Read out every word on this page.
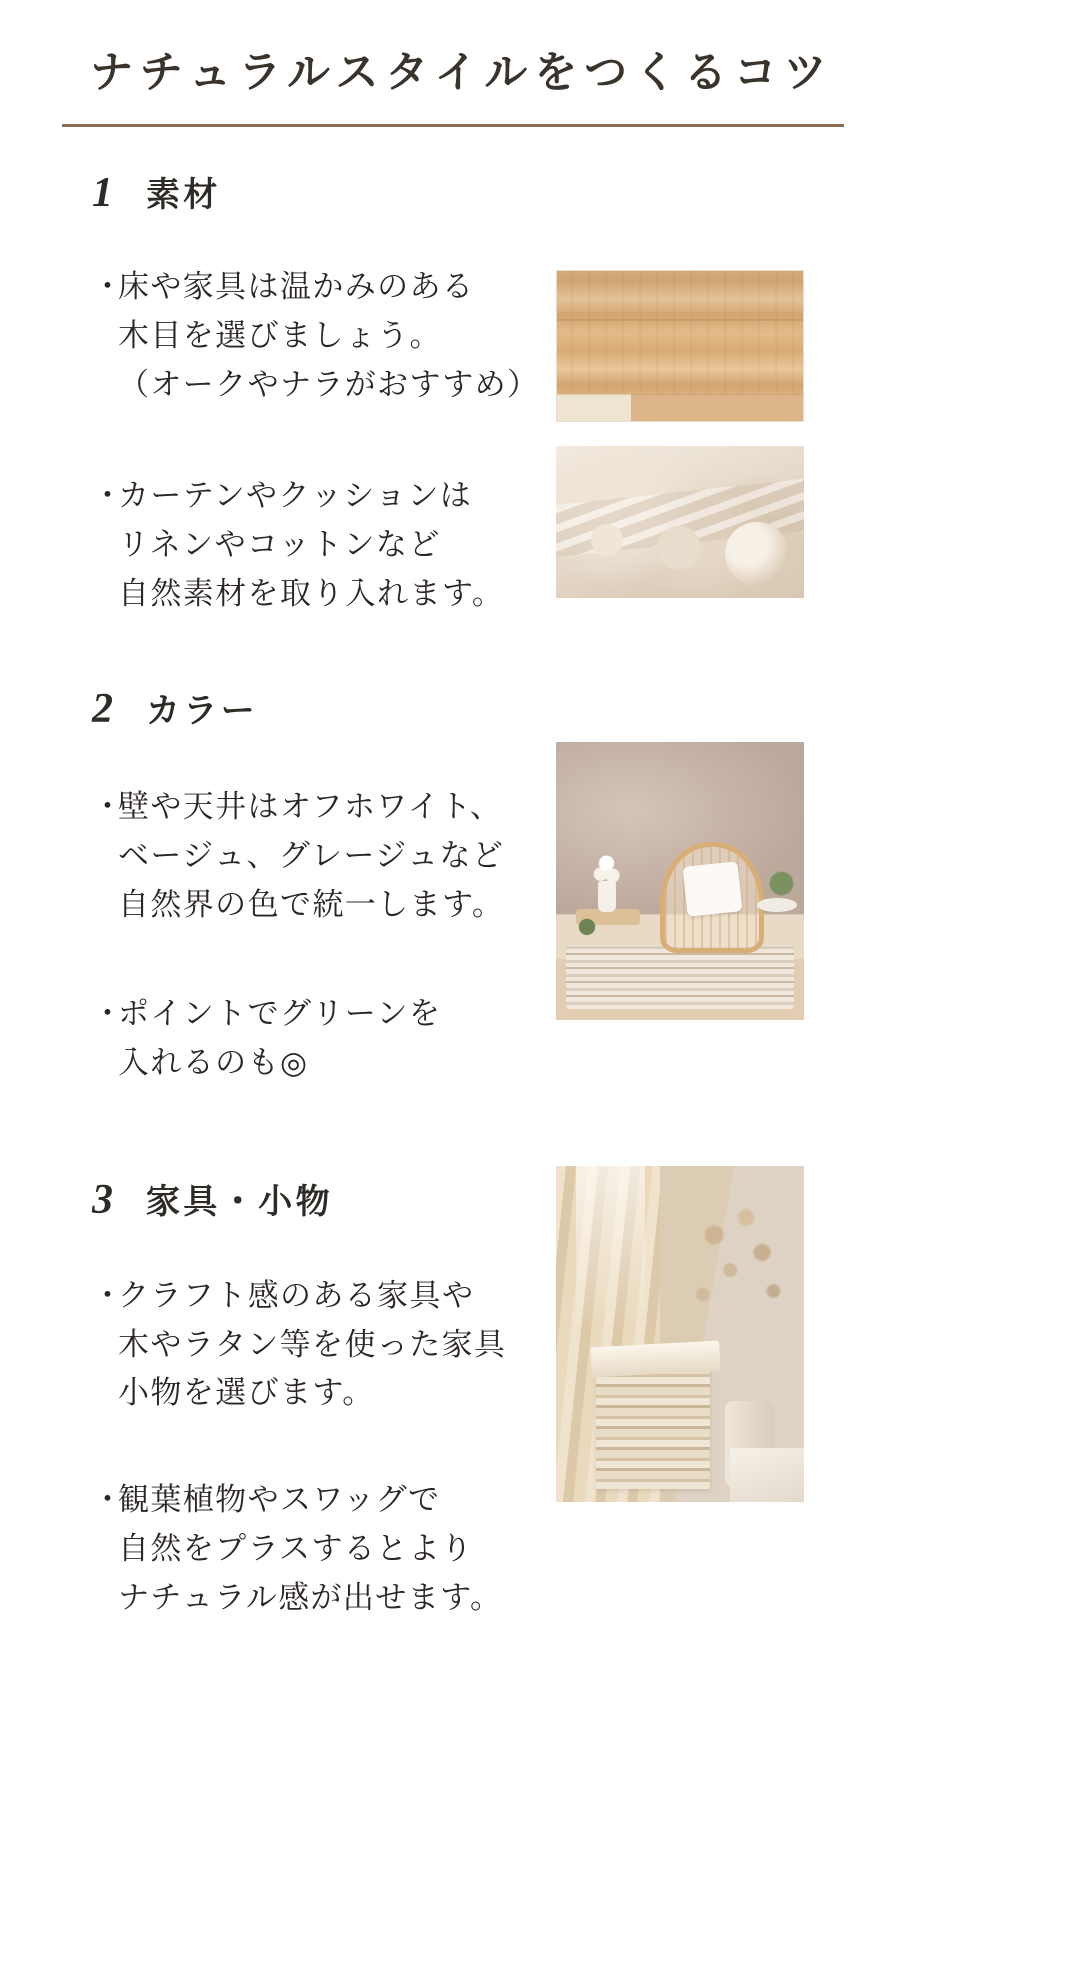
ナチュラルスタイルをつくるコツ
1 素材
・
床や家具は温かみのある
木目を選びましょう。
（オークやナラがおすすめ）
・
カーテンやクッションは
リネンやコットンなど
自然素材を取り入れます。
2 カラー
・
壁や天井はオフホワイト、
ベージュ、グレージュなど
自然界の色で統一します。
・
ポイントでグリーンを
入れるのも◎
3 家具・小物
・
クラフト感のある家具や
木やラタン等を使った家具
小物を選びます。
・
観葉植物やスワッグで
自然をプラスするとより
ナチュラル感が出せます。
